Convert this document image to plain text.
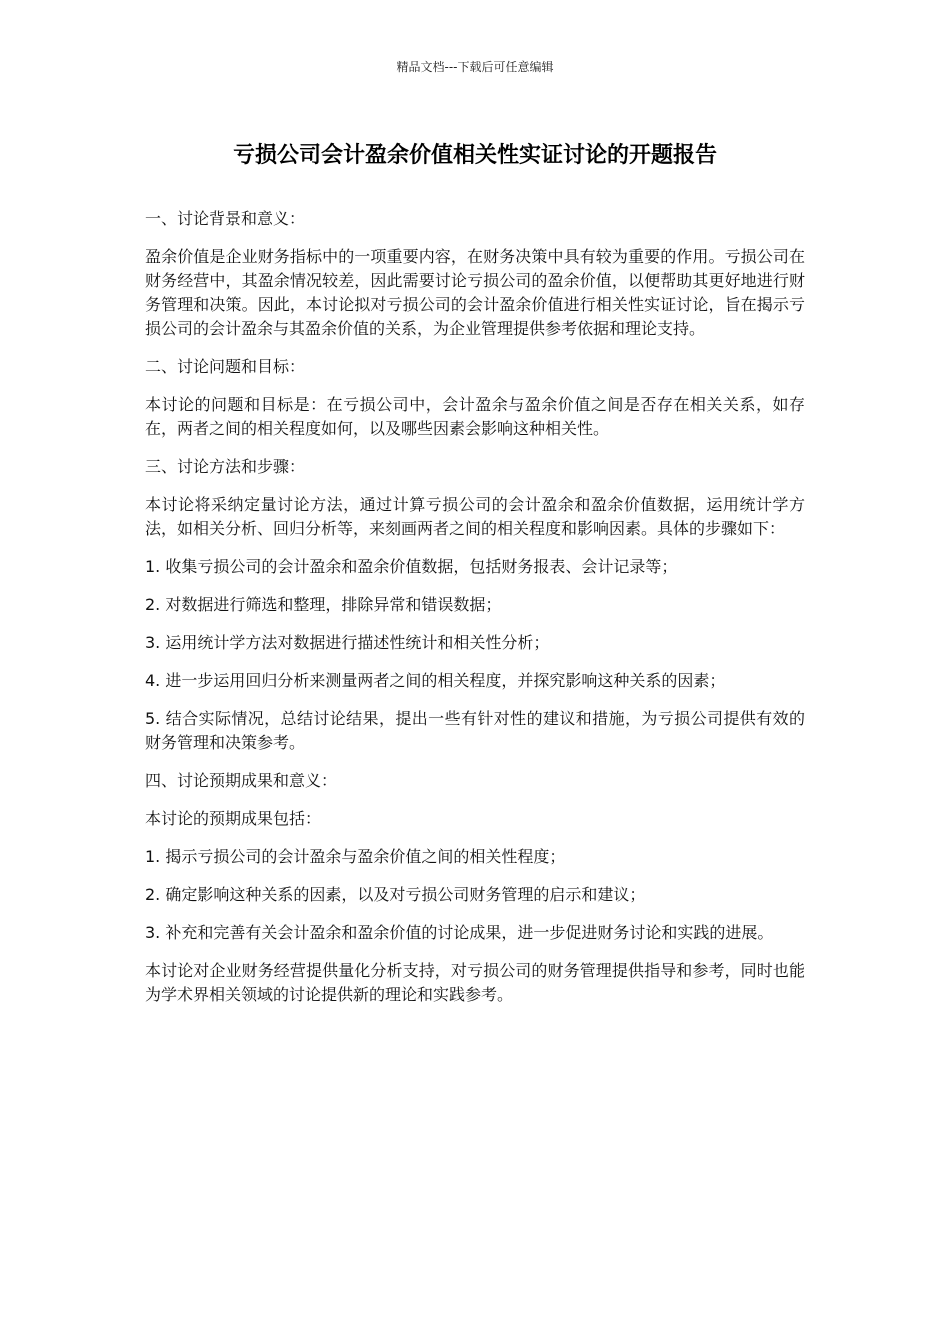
精品文档---下载后可任意编辑
亏损公司会计盈余价值相关性实证讨论的开题报告

一、讨论背景和意义：

盈余价值是企业财务指标中的一项重要内容，在财务决策中具有较为重要的作用。亏损公司在财务经营中，其盈余情况较差，因此需要讨论亏损公司的盈余价值，以便帮助其更好地进行财务管理和决策。因此，本讨论拟对亏损公司的会计盈余价值进行相关性实证讨论，旨在揭示亏损公司的会计盈余与其盈余价值的关系，为企业管理提供参考依据和理论支持。

二、讨论问题和目标：

本讨论的问题和目标是：在亏损公司中，会计盈余与盈余价值之间是否存在相关关系，如存在，两者之间的相关程度如何，以及哪些因素会影响这种相关性。

三、讨论方法和步骤：

本讨论将采纳定量讨论方法，通过计算亏损公司的会计盈余和盈余价值数据，运用统计学方法，如相关分析、回归分析等，来刻画两者之间的相关程度和影响因素。具体的步骤如下：

1. 收集亏损公司的会计盈余和盈余价值数据，包括财务报表、会计记录等；

2. 对数据进行筛选和整理，排除异常和错误数据；

3. 运用统计学方法对数据进行描述性统计和相关性分析；

4. 进一步运用回归分析来测量两者之间的相关程度，并探究影响这种关系的因素；

5. 结合实际情况，总结讨论结果，提出一些有针对性的建议和措施，为亏损公司提供有效的财务管理和决策参考。

四、讨论预期成果和意义：

本讨论的预期成果包括：

1. 揭示亏损公司的会计盈余与盈余价值之间的相关性程度；

2. 确定影响这种关系的因素，以及对亏损公司财务管理的启示和建议；

3. 补充和完善有关会计盈余和盈余价值的讨论成果，进一步促进财务讨论和实践的进展。

本讨论对企业财务经营提供量化分析支持，对亏损公司的财务管理提供指导和参考，同时也能为学术界相关领域的讨论提供新的理论和实践参考。
